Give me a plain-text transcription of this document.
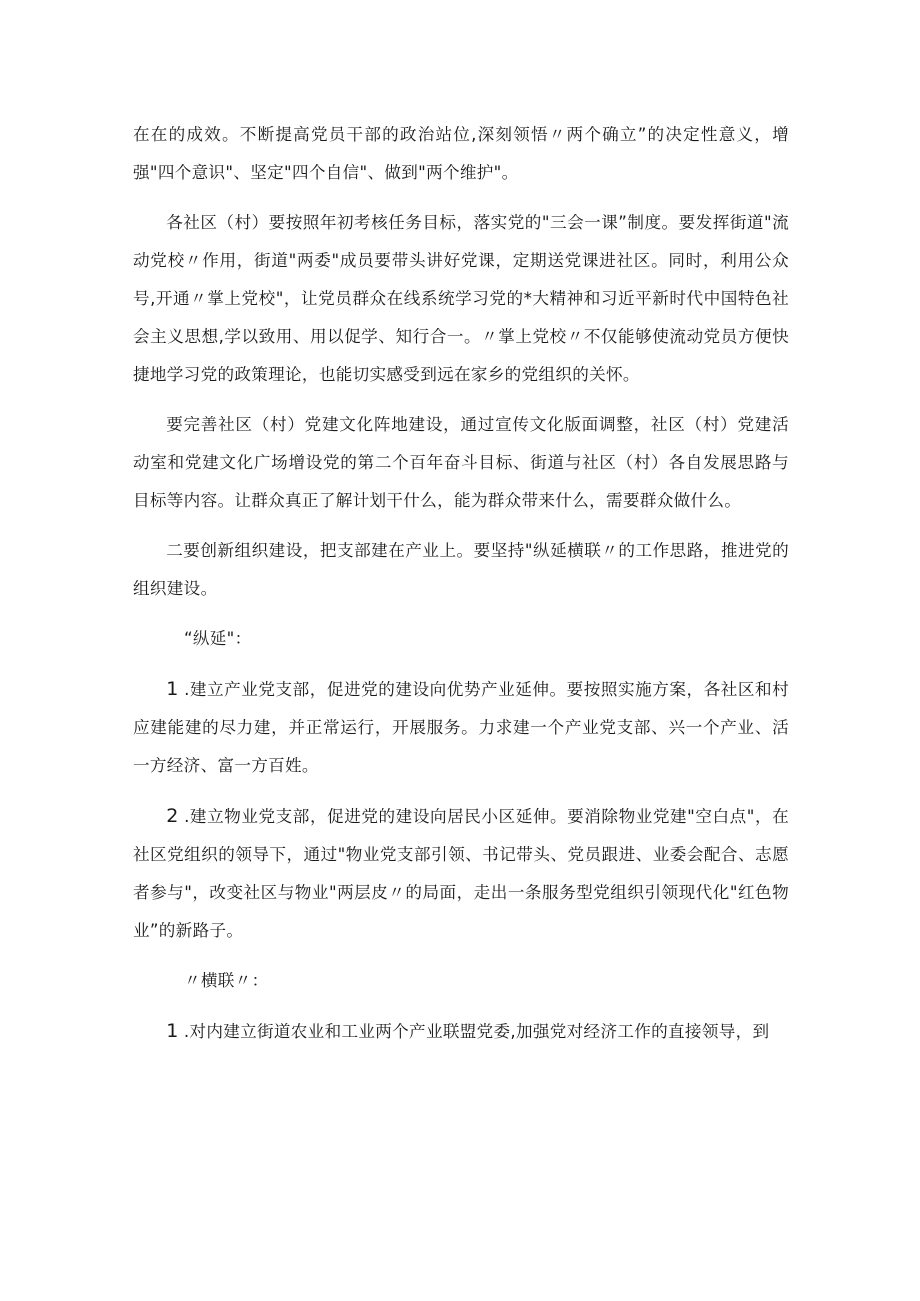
在在的成效。不断提高党员干部的政治站位,深刻领悟〃两个确立”的决定性意义，增强"四个意识"、坚定"四个自信"、做到"两个维护"。

各社区（村）要按照年初考核任务目标，落实党的"三会一课”制度。要发挥街道"流动党校〃作用，街道"两委"成员要带头讲好党课，定期送党课进社区。同时，利用公众号,开通〃掌上党校"，让党员群众在线系统学习党的*大精神和习近平新时代中国特色社会主义思想,学以致用、用以促学、知行合一。〃掌上党校〃不仅能够使流动党员方便快捷地学习党的政策理论，也能切实感受到远在家乡的党组织的关怀。

要完善社区（村）党建文化阵地建设，通过宣传文化版面调整，社区（村）党建活动室和党建文化广场增设党的第二个百年奋斗目标、街道与社区（村）各自发展思路与目标等内容。让群众真正了解计划干什么，能为群众带来什么，需要群众做什么。

二要创新组织建设，把支部建在产业上。要坚持"纵延横联〃的工作思路，推进党的组织建设。

“纵延"：

1 .建立产业党支部，促进党的建设向优势产业延伸。要按照实施方案，各社区和村应建能建的尽力建，并正常运行，开展服务。力求建一个产业党支部、兴一个产业、活一方经济、富一方百姓。

2 .建立物业党支部，促进党的建设向居民小区延伸。要消除物业党建"空白点"，在社区党组织的领导下，通过"物业党支部引领、书记带头、党员跟进、业委会配合、志愿者参与"，改变社区与物业"两层皮〃的局面，走出一条服务型党组织引领现代化"红色物业”的新路子。

〃横联〃：

1 .对内建立街道农业和工业两个产业联盟党委,加强党对经济工作的直接领导，到
